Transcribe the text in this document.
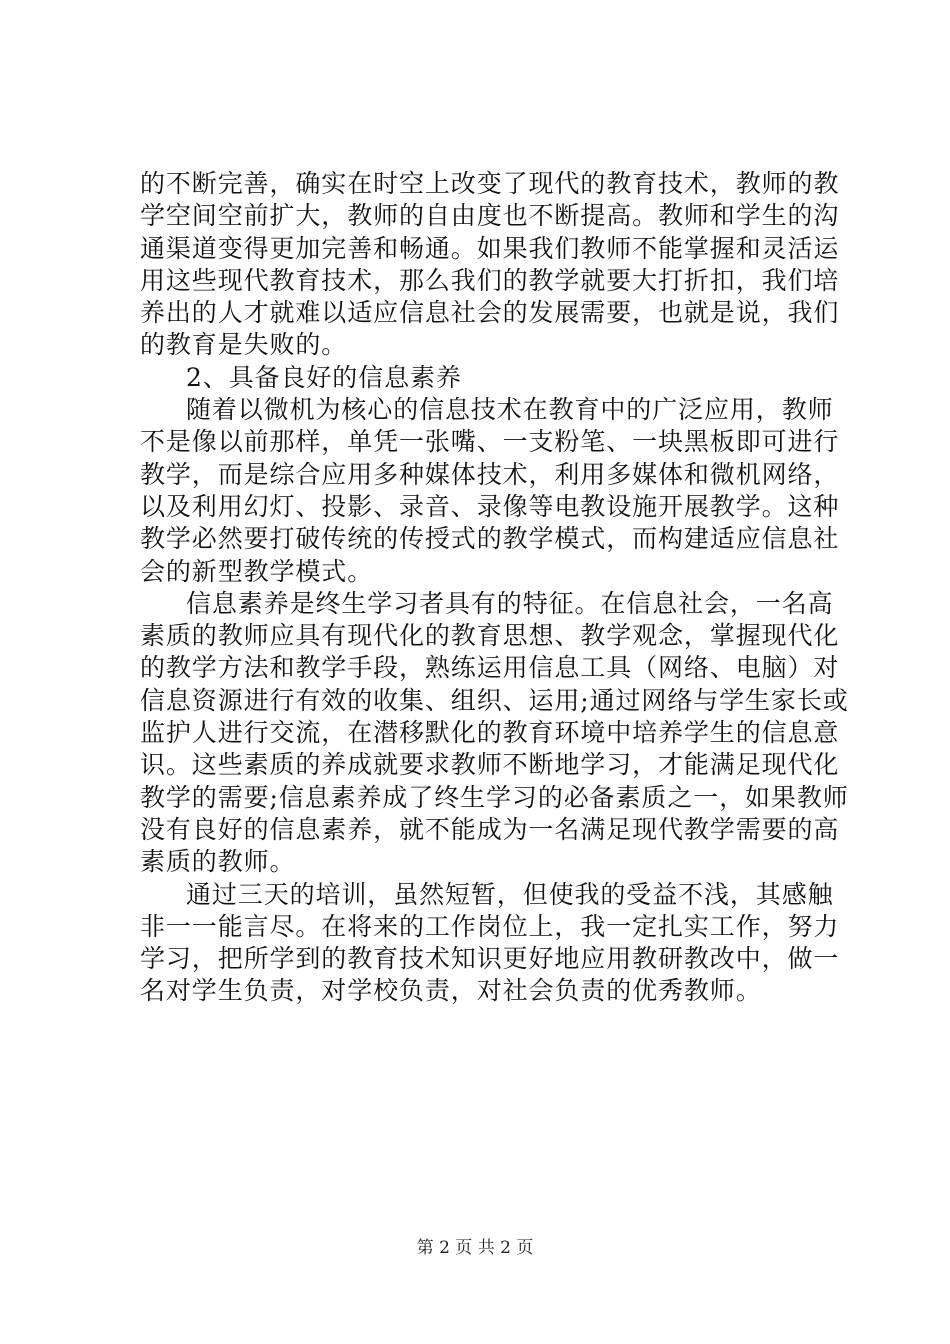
的不断完善，确实在时空上改变了现代的教育技术，教师的教
学空间空前扩大，教师的自由度也不断提高。教师和学生的沟
通渠道变得更加完善和畅通。如果我们教师不能掌握和灵活运
用这些现代教育技术，那么我们的教学就要大打折扣，我们培
养出的人才就难以适应信息社会的发展需要，也就是说，我们
的教育是失败的。
2、具备良好的信息素养
随着以微机为核心的信息技术在教育中的广泛应用，教师
不是像以前那样，单凭一张嘴、一支粉笔、一块黑板即可进行
教学，而是综合应用多种媒体技术，利用多媒体和微机网络，
以及利用幻灯、投影、录音、录像等电教设施开展教学。这种
教学必然要打破传统的传授式的教学模式，而构建适应信息社
会的新型教学模式。
信息素养是终生学习者具有的特征。在信息社会，一名高
素质的教师应具有现代化的教育思想、教学观念，掌握现代化
的教学方法和教学手段，熟练运用信息工具（网络、电脑）对
信息资源进行有效的收集、组织、运用;通过网络与学生家长或
监护人进行交流，在潜移默化的教育环境中培养学生的信息意
识。这些素质的养成就要求教师不断地学习，才能满足现代化
教学的需要;信息素养成了终生学习的必备素质之一，如果教师
没有良好的信息素养，就不能成为一名满足现代教学需要的高
素质的教师。
通过三天的培训，虽然短暂，但使我的受益不浅，其感触
非一一能言尽。在将来的工作岗位上，我一定扎实工作，努力
学习，把所学到的教育技术知识更好地应用教研教改中，做一
名对学生负责，对学校负责，对社会负责的优秀教师。
第 2 页 共 2 页
